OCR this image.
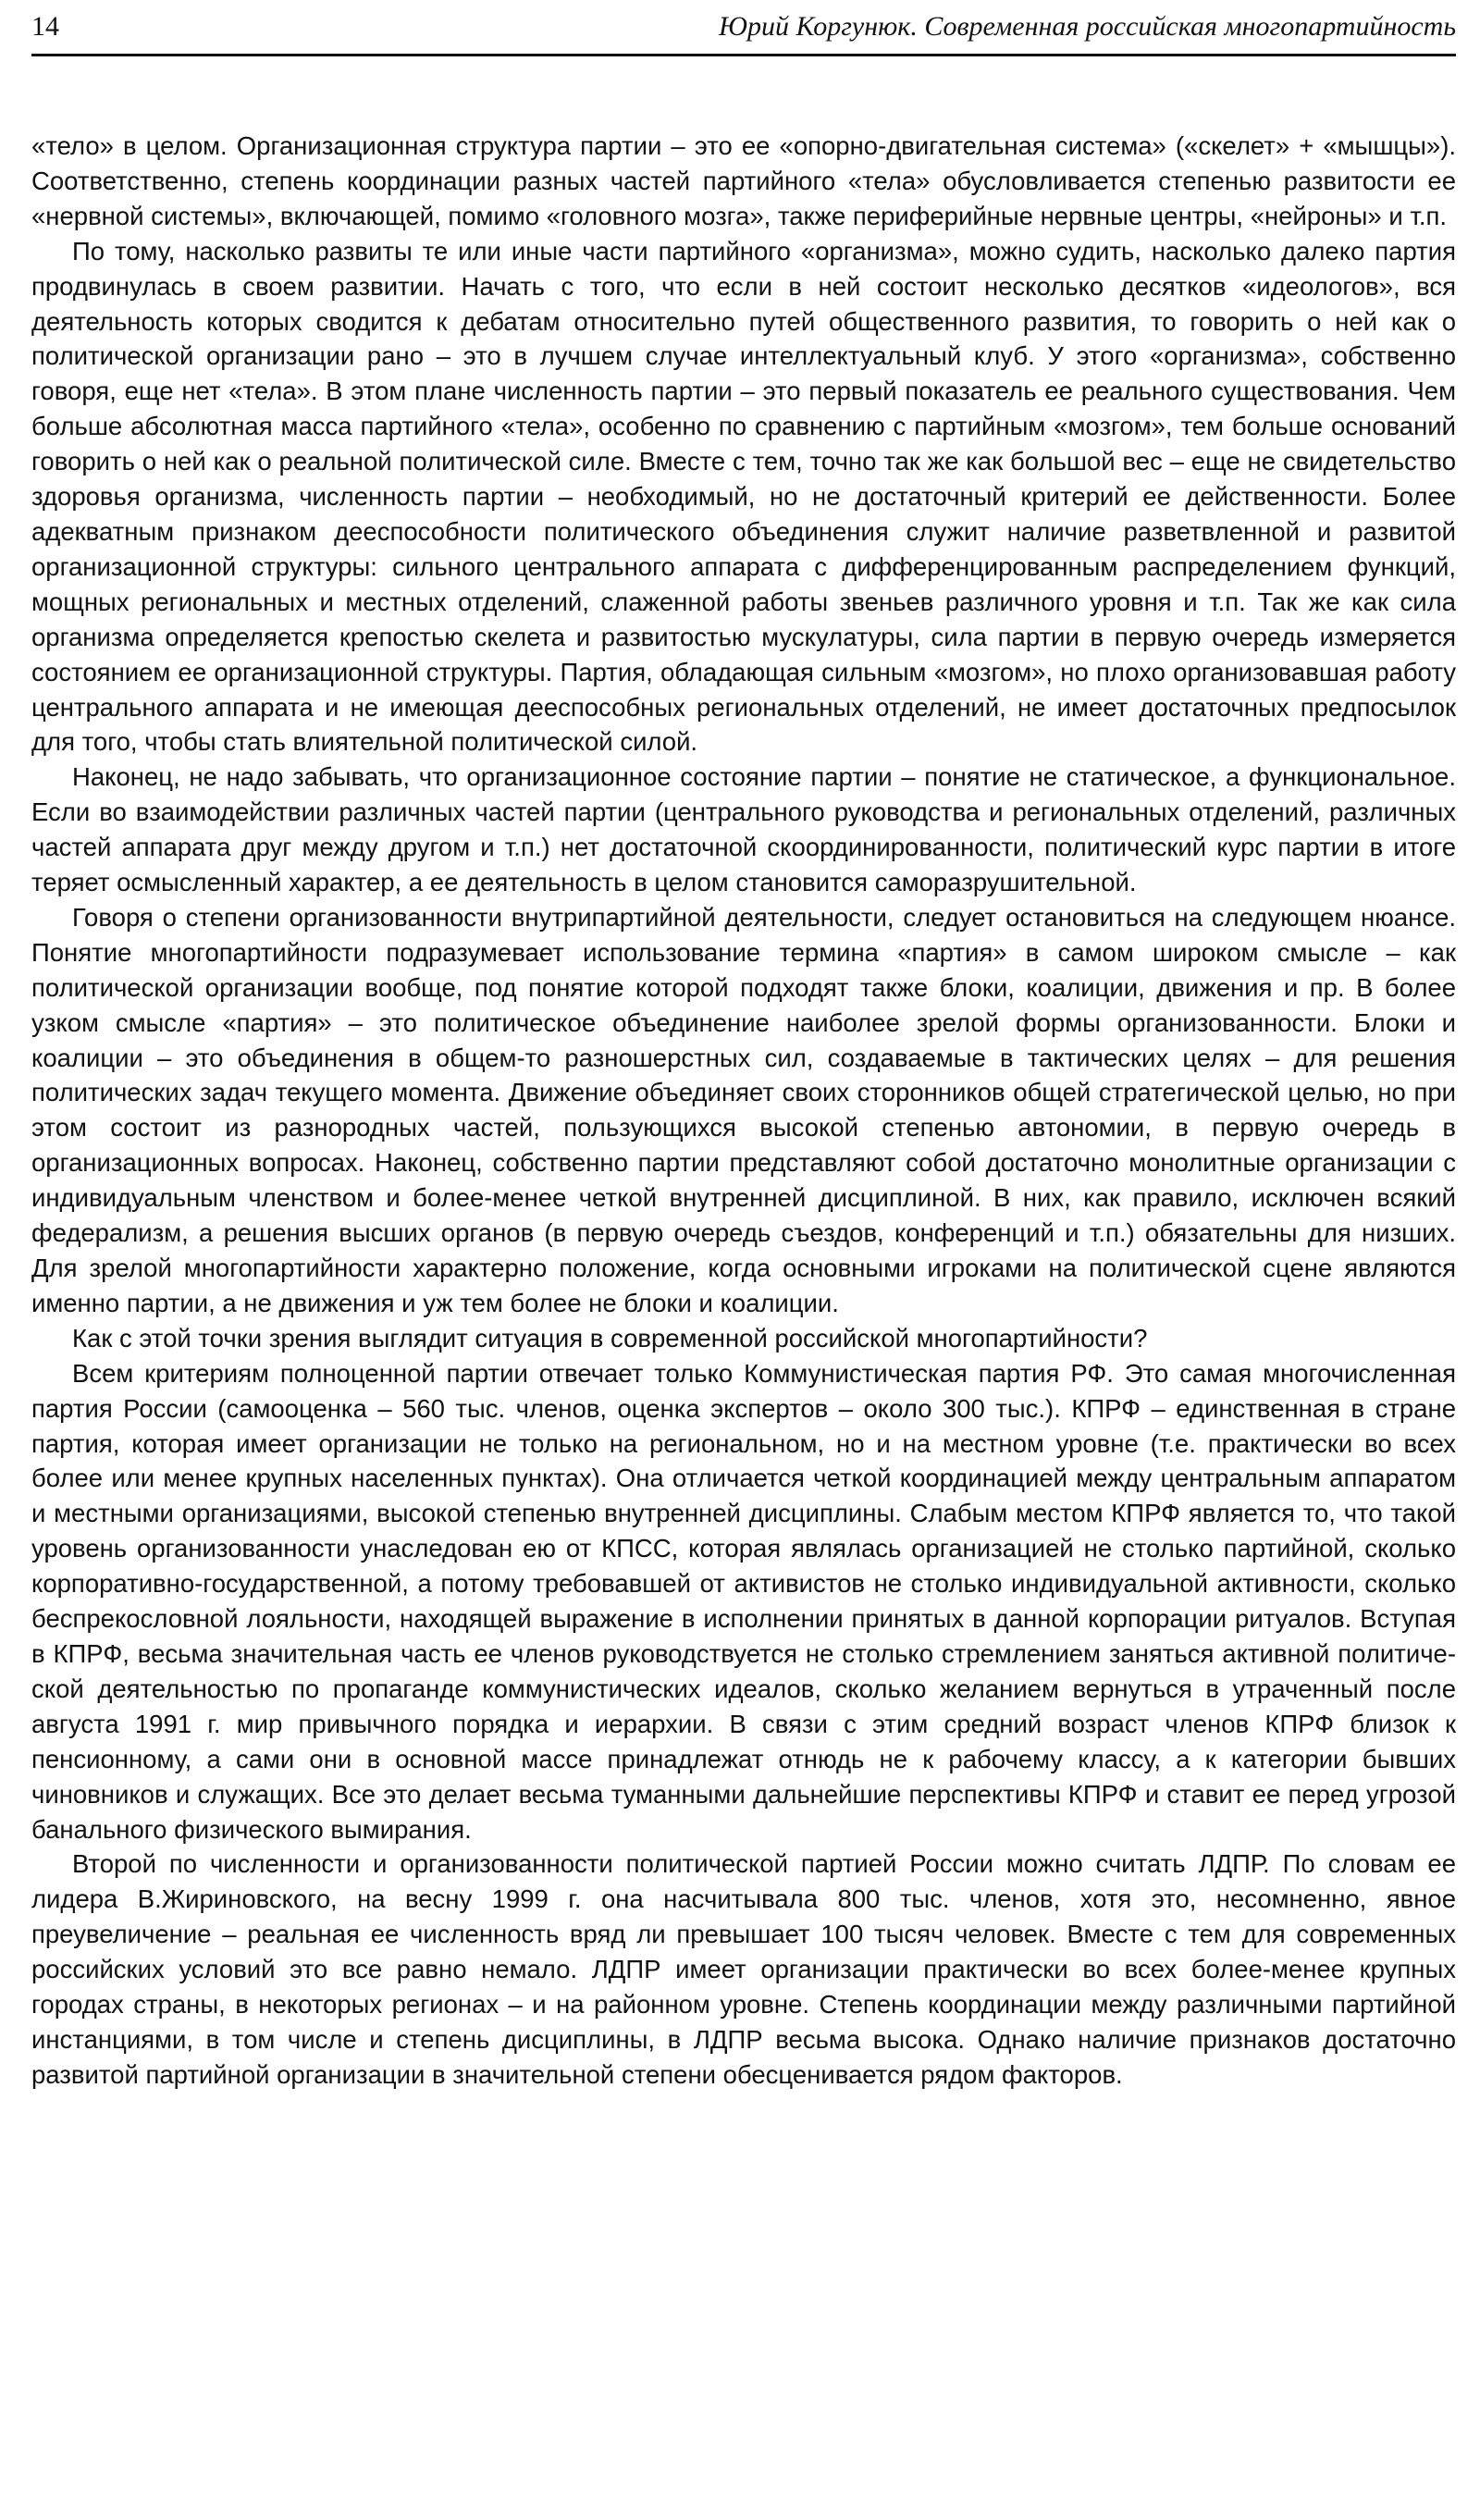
14	Юрий Коргунюк. Современная российская многопартийность

«тело» в целом. Организационная структура партии – это ее «опорно-двигательная система» («скелет» + «мышцы»). Соответственно, степень координации разных частей партийного «тела» обусловливается степенью развитости ее «нервной системы», включающей, помимо «головного мозга», также периферийные нервные центры, «нейроны» и т.п.

По тому, насколько развиты те или иные части партийного «организма», можно судить, насколько далеко партия продвинулась в своем развитии. Начать с того, что если в ней состоит несколько десятков «идеологов», вся деятельность которых сводится к дебатам относительно путей общественного развития, то говорить о ней как о политической организации рано – это в лучшем случае интеллектуальный клуб. У этого «организма», собственно говоря, еще нет «тела». В этом плане численность партии – это первый показатель ее реального существования. Чем больше абсолютная масса партийного «тела», особенно по сравнению с партийным «мозгом», тем больше оснований говорить о ней как о реальной политической силе. Вместе с тем, точно так же как большой вес – еще не свидетельство здоровья организма, численность партии – необходимый, но не достаточный критерий ее действенности. Более адекватным признаком дееспособности политического объединения служит наличие разветвленной и развитой организационной структуры: сильного центрального аппарата с дифференцированным распределением функций, мощных региональных и местных отделений, слаженной работы звеньев различного уровня и т.п. Так же как сила организма определяется крепостью скелета и развитостью мускулатуры, сила партии в первую очередь измеряется состоянием ее организационной структуры. Партия, обладающая сильным «мозгом», но плохо организовавшая работу центрального аппарата и не имеющая дееспособных региональных отделений, не имеет достаточных предпосылок для того, чтобы стать влиятельной политической силой.

Наконец, не надо забывать, что организационное состояние партии – понятие не статическое, а функциональное. Если во взаимодействии различных частей партии (центрального руководства и региональных отделений, различных частей аппарата друг между другом и т.п.) нет достаточной скоординированности, политический курс партии в итоге теряет осмысленный характер, а ее деятельность в целом становится саморазрушительной.

Говоря о степени организованности внутрипартийной деятельности, следует остановиться на следующем нюансе. Понятие многопартийности подразумевает использование термина «партия» в самом широком смысле – как политической организации вообще, под понятие которой подходят также блоки, коалиции, движения и пр. В более узком смысле «партия» – это политическое объединение наиболее зрелой формы организованности. Блоки и коалиции – это объединения в общем-то разношерстных сил, создаваемые в тактических целях – для решения политических задач текущего момента. Движение объединяет своих сторонников общей стратегической целью, но при этом состоит из разнородных частей, пользующихся высокой степенью автономии, в первую очередь в организационных вопросах. Наконец, собственно партии представляют собой достаточно монолитные организации с индивидуальным членством и более-менее четкой внутренней дисциплиной. В них, как правило, исключен всякий федерализм, а решения высших органов (в первую очередь съездов, конференций и т.п.) обязательны для низших. Для зрелой многопартийности характерно положение, когда основными игроками на политической сцене являются именно партии, а не движения и уж тем более не блоки и коалиции.

Как с этой точки зрения выглядит ситуация в современной российской многопартийности?

Всем критериям полноценной партии отвечает только Коммунистическая партия РФ. Это самая многочисленная партия России (самооценка – 560 тыс. членов, оценка экспертов – около 300 тыс.). КПРФ – единственная в стране партия, которая имеет организации не только на региональном, но и на местном уровне (т.е. практически во всех более или менее крупных населенных пунктах). Она отличается четкой координацией между центральным аппаратом и местными организациями, высокой степенью внутренней дисциплины. Слабым местом КПРФ является то, что такой уровень организованности унаследован ею от КПСС, которая являлась организацией не столько партийной, сколько корпоративно-государственной, а потому требовавшей от активистов не столько индивидуальной активности, сколько беспрекословной лояльности, находящей выражение в исполнении принятых в данной корпорации ритуалов. Вступая в КПРФ, весьма значительная часть ее членов руководствуется не столько стремлением заняться активной политической деятельностью по пропаганде коммунистических идеалов, сколько желанием вернуться в утраченный после августа 1991 г. мир привычного порядка и иерархии. В связи с этим средний возраст членов КПРФ близок к пенсионному, а сами они в основной массе принадлежат отнюдь не к рабочему классу, а к категории бывших чиновников и служащих. Все это делает весьма туманными дальнейшие перспективы КПРФ и ставит ее перед угрозой банального физического вымирания.

Второй по численности и организованности политической партией России можно считать ЛДПР. По словам ее лидера В.Жириновского, на весну 1999 г. она насчитывала 800 тыс. членов, хотя это, несомненно, явное преувеличение – реальная ее численность вряд ли превышает 100 тысяч человек. Вместе с тем для современных российских условий это все равно немало. ЛДПР имеет организации практически во всех более-менее крупных городах страны, в некоторых регионах – и на районном уровне. Степень координации между различными партийной инстанциями, в том числе и степень дисциплины, в ЛДПР весьма высока. Однако наличие признаков достаточно развитой партийной организации в значительной степени обесценивается рядом факторов.
